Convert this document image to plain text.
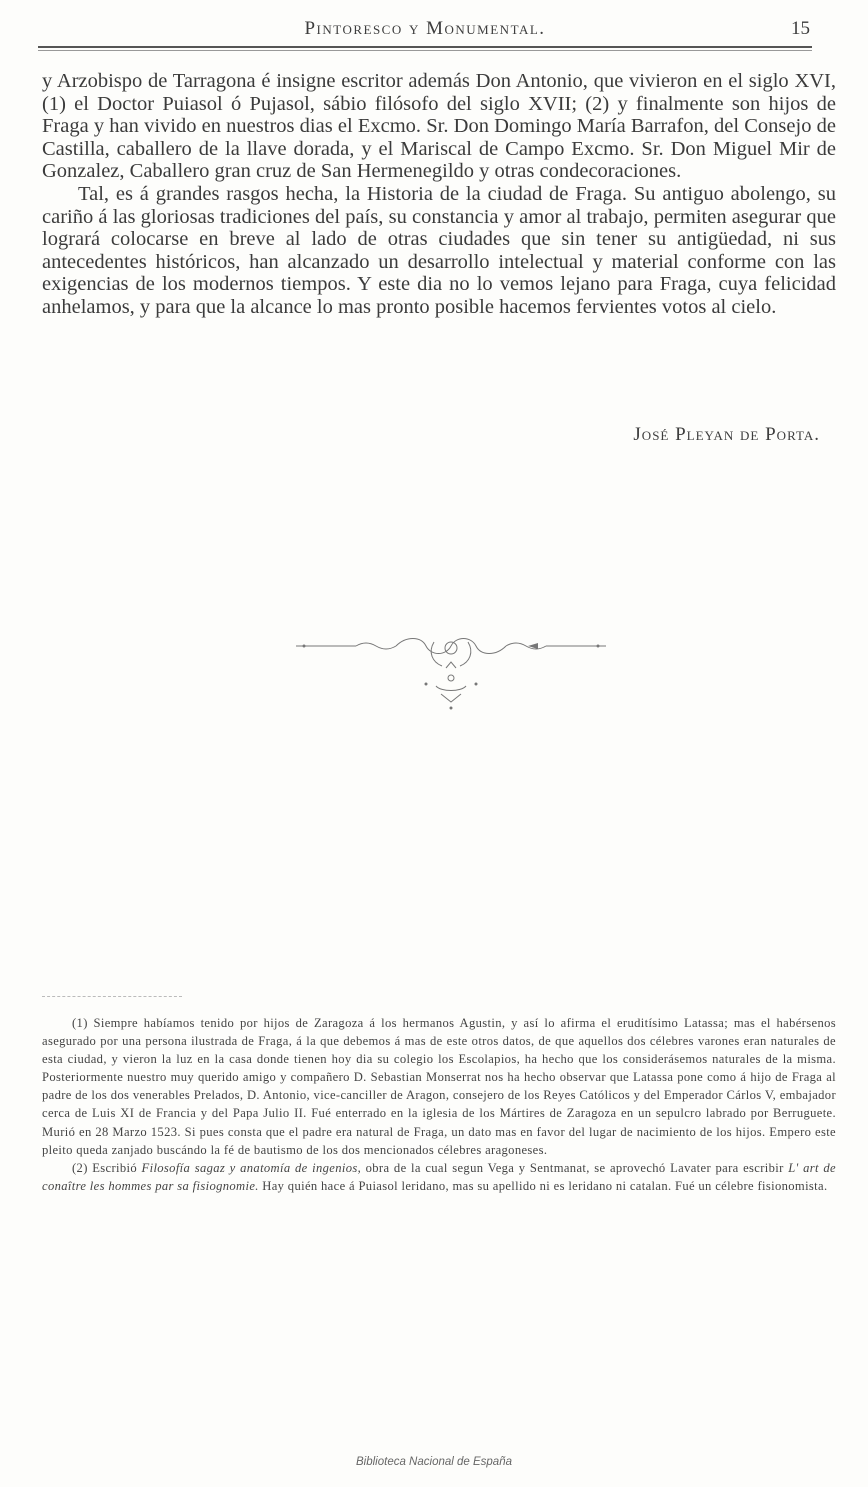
Pintoresco y Monumental.	15

y Arzobispo de Tarragona é insigne escritor además Don Antonio, que vivieron en el siglo XVI, (1) el Doctor Puiasol ó Pujasol, sábio filósofo del siglo XVII; (2) y finalmente son hijos de Fraga y han vivido en nuestros dias el Excmo. Sr. Don Domingo María Barrafon, del Consejo de Castilla, caballero de la llave dorada, y el Mariscal de Campo Excmo. Sr. Don Miguel Mir de Gonzalez, Caballero gran cruz de San Hermenegildo y otras condecoraciones.

Tal, es á grandes rasgos hecha, la Historia de la ciudad de Fraga. Su antiguo abolengo, su cariño á las gloriosas tradiciones del país, su constancia y amor al trabajo, permiten asegurar que logrará colocarse en breve al lado de otras ciudades que sin tener su antigüedad, ni sus antecedentes históricos, han alcanzado un desarrollo intelectual y material conforme con las exigencias de los modernos tiempos. Y este dia no lo vemos lejano para Fraga, cuya felicidad anhelamos, y para que la alcance lo mas pronto posible hacemos fervientes votos al cielo.

José Pleyan de Porta.

(1) Siempre habíamos tenido por hijos de Zaragoza á los hermanos Agustin, y así lo afirma el eruditísimo Latassa; mas el habérsenos asegurado por una persona ilustrada de Fraga, á la que debemos á mas de este otros datos, de que aquellos dos célebres varones eran naturales de esta ciudad, y vieron la luz en la casa donde tienen hoy dia su colegio los Escolapios, ha hecho que los considerásemos naturales de la misma. Posteriormente nuestro muy querido amigo y compañero D. Sebastian Monserrat nos ha hecho observar que Latassa pone como á hijo de Fraga al padre de los dos venerables Prelados, D. Antonio, vice-canciller de Aragon, consejero de los Reyes Católicos y del Emperador Cárlos V, embajador cerca de Luis XI de Francia y del Papa Julio II. Fué enterrado en la iglesia de los Mártires de Zaragoza en un sepulcro labrado por Berruguete. Murió en 28 Marzo 1523. Si pues consta que el padre era natural de Fraga, un dato mas en favor del lugar de nacimiento de los hijos. Empero este pleito queda zanjado buscándo la fé de bautismo de los dos mencionados célebres aragoneses.

(2) Escribió Filosofía sagaz y anatomía de ingenios, obra de la cual segun Vega y Sentmanat, se aprovechó Lavater para escribir L' art de conaître les hommes par sa fisiognomie. Hay quién hace á Puiasol leridano, mas su apellido ni es leridano ni catalan. Fué un célebre fisionomista.

Biblioteca Nacional de España
